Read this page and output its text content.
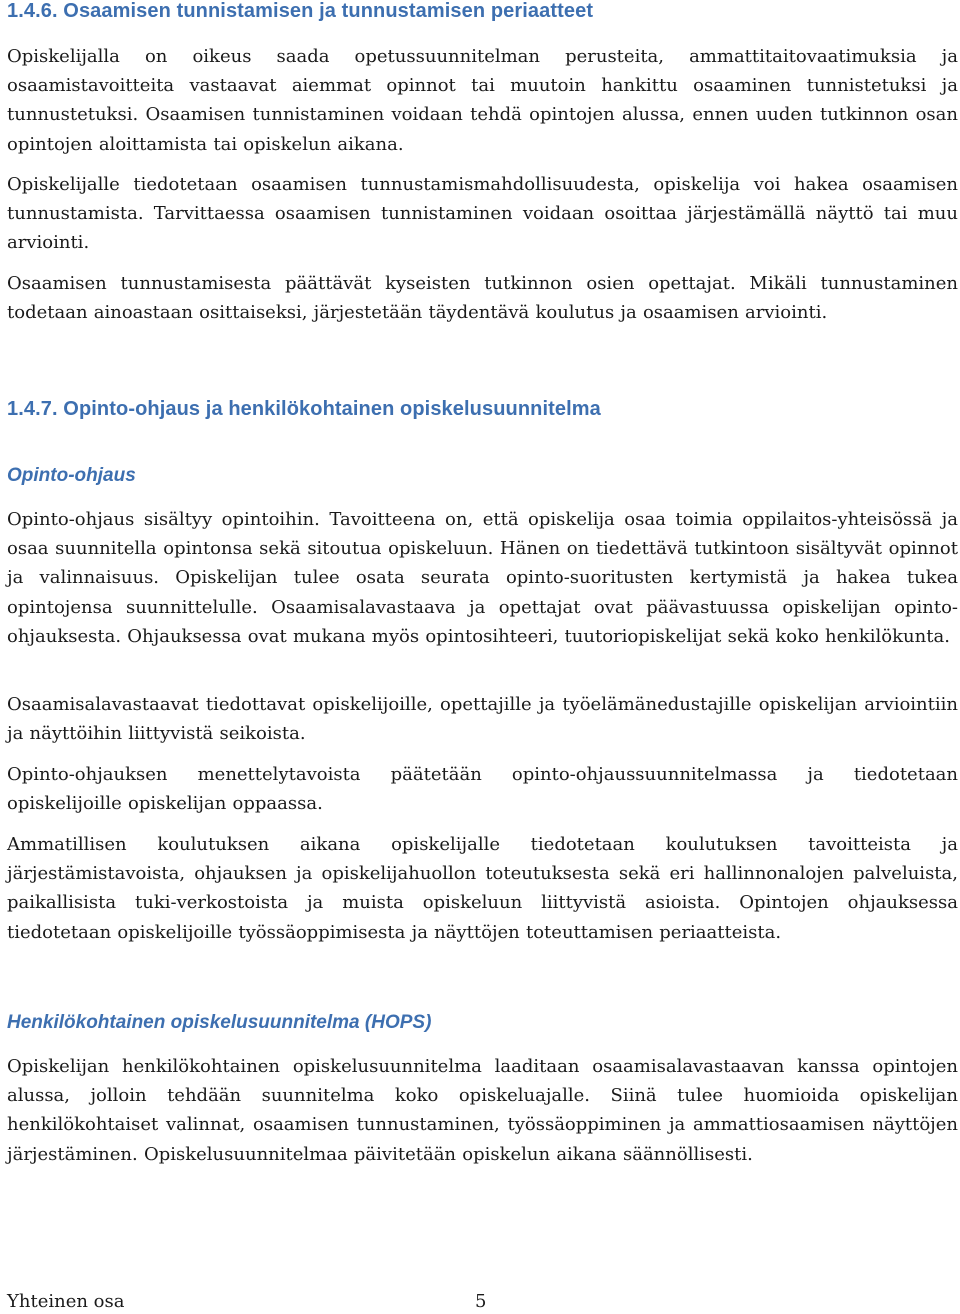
1.4.6. Osaamisen tunnistamisen ja tunnustamisen periaatteet

Opiskelijalla on oikeus saada opetussuunnitelman perusteita, ammattitaitovaatimuksia ja osaamistavoitteita vastaavat aiemmat opinnot tai muutoin hankittu osaaminen tunnistetuksi ja tunnustetuksi. Osaamisen tunnistaminen voidaan tehdä opintojen alussa, ennen uuden tutkinnon osan opintojen aloittamista tai opiskelun aikana.

Opiskelijalle tiedotetaan osaamisen tunnustamismahdollisuudesta, opiskelija voi hakea osaamisen tunnustamista. Tarvittaessa osaamisen tunnistaminen voidaan osoittaa järjestämällä näyttö tai muu arviointi.

Osaamisen tunnustamisesta päättävät kyseisten tutkinnon osien opettajat. Mikäli tunnustaminen todetaan ainoastaan osittaiseksi, järjestetään täydentävä koulutus ja osaamisen arviointi.

1.4.7. Opinto-ohjaus ja henkilökohtainen opiskelusuunnitelma
Opinto-ohjaus

Opinto-ohjaus sisältyy opintoihin. Tavoitteena on, että opiskelija osaa toimia oppilaitos-yhteisössä ja osaa suunnitella opintonsa sekä sitoutua opiskeluun. Hänen on tiedettävä tutkintoon sisältyvät opinnot ja valinnaisuus. Opiskelijan tulee osata seurata opinto-suoritusten kertymistä ja hakea tukea opintojensa suunnittelulle. Osaamisalavastaava ja opettajat ovat päävastuussa opiskelijan opinto-ohjauksesta. Ohjauksessa ovat mukana myös opintosihteeri, tuutoriopiskelijat sekä koko henkilökunta.

Osaamisalavastaavat tiedottavat opiskelijoille, opettajille ja työelämänedustajille opiskelijan arviointiin ja näyttöihin liittyvistä seikoista.

Opinto-ohjauksen menettelytavoista päätetään opinto-ohjaussuunnitelmassa ja tiedotetaan opiskelijoille opiskelijan oppaassa.

Ammatillisen koulutuksen aikana opiskelijalle tiedotetaan koulutuksen tavoitteista ja järjestämistavoista, ohjauksen ja opiskelijahuollon toteutuksesta sekä eri hallinnonalojen palveluista, paikallisista tuki-verkostoista ja muista opiskeluun liittyvistä asioista. Opintojen ohjauksessa tiedotetaan opiskelijoille työssäoppimisesta ja näyttöjen toteuttamisen periaatteista.

Henkilökohtainen opiskelusuunnitelma (HOPS)

Opiskelijan henkilökohtainen opiskelusuunnitelma laaditaan osaamisalavastaavan kanssa opintojen alussa, jolloin tehdään suunnitelma koko opiskeluajalle. Siinä tulee huomioida opiskelijan henkilökohtaiset valinnat, osaamisen tunnustaminen, työssäoppiminen ja ammattiosaamisen näyttöjen järjestäminen. Opiskelusuunnitelmaa päivitetään opiskelun aikana säännöllisesti.

Yhteinen osa	5
